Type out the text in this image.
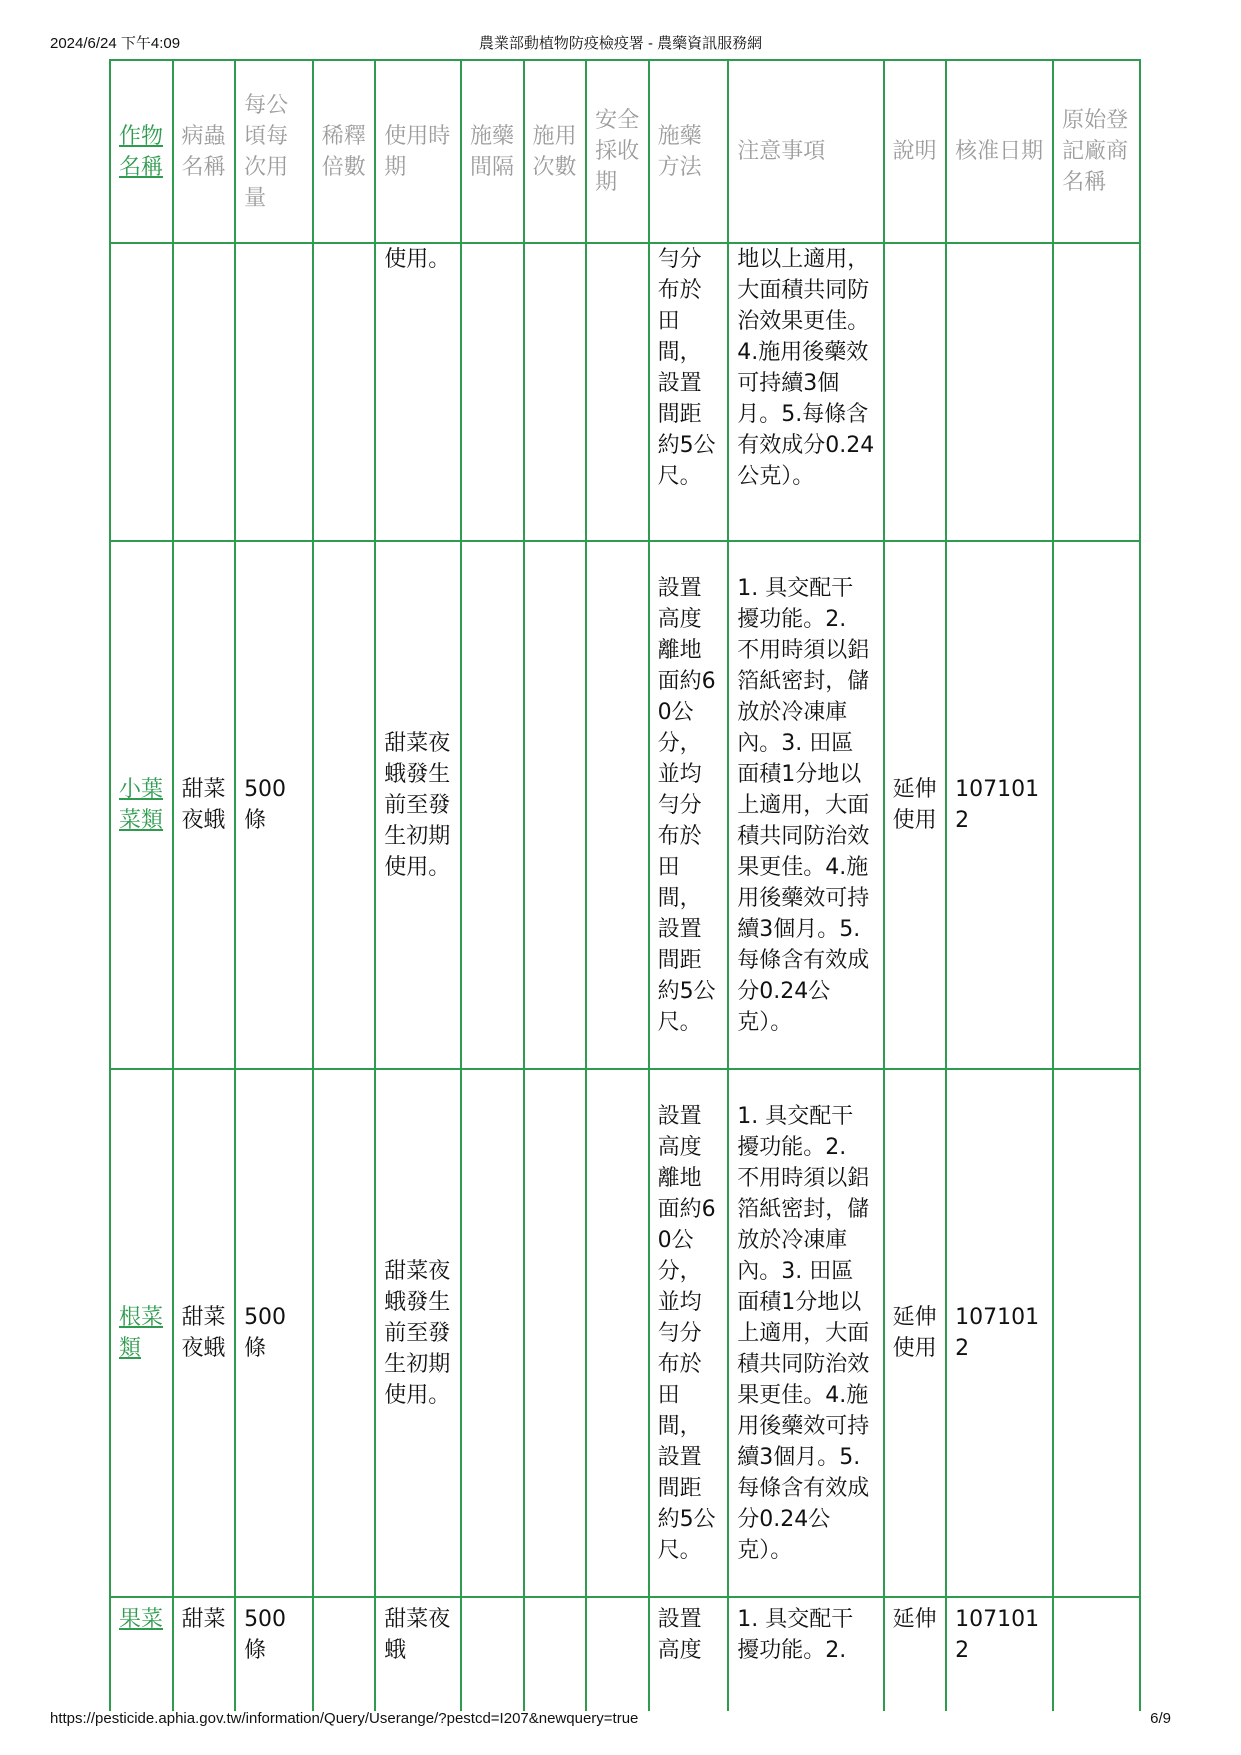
2024/6/24 下午4:09	農業部動植物防疫檢疫署 - 農藥資訊服務網
作物名稱	病蟲名稱	每公頃每次用量	稀釋倍數	使用時期	施藥間隔	施用次數	安全採收期	施藥方法	注意事項	說明	核准日期	原始登記廠商名稱
				使用。				勻分布於田間，設置間距約5公尺。	地以上適用，大面積共同防治效果更佳。4.施用後藥效可持續3個月。5.每條含有效成分0.24公克）。			
小葉菜類	甜菜夜蛾	500條		甜菜夜蛾發生前至發生初期使用。				設置高度離地面約60公分，並均勻分布於田間，設置間距約5公尺。	1. 具交配干擾功能。2. 不用時須以鋁箔紙密封，儲放於冷凍庫內。3. 田區面積1分地以上適用，大面積共同防治效果更佳。4.施用後藥效可持續3個月。5.每條含有效成分0.24公克）。	延伸使用	1071012	
根菜類	甜菜夜蛾	500條		甜菜夜蛾發生前至發生初期使用。				設置高度離地面約60公分，並均勻分布於田間，設置間距約5公尺。	1. 具交配干擾功能。2. 不用時須以鋁箔紙密封，儲放於冷凍庫內。3. 田區面積1分地以上適用，大面積共同防治效果更佳。4.施用後藥效可持續3個月。5.每條含有效成分0.24公克）。	延伸使用	1071012	
果菜	甜菜	500條		甜菜夜蛾				設置高度	1. 具交配干擾功能。2.	延伸	1071012	
https://pesticide.aphia.gov.tw/information/Query/Userange/?pestcd=I207&newquery=true	6/9
